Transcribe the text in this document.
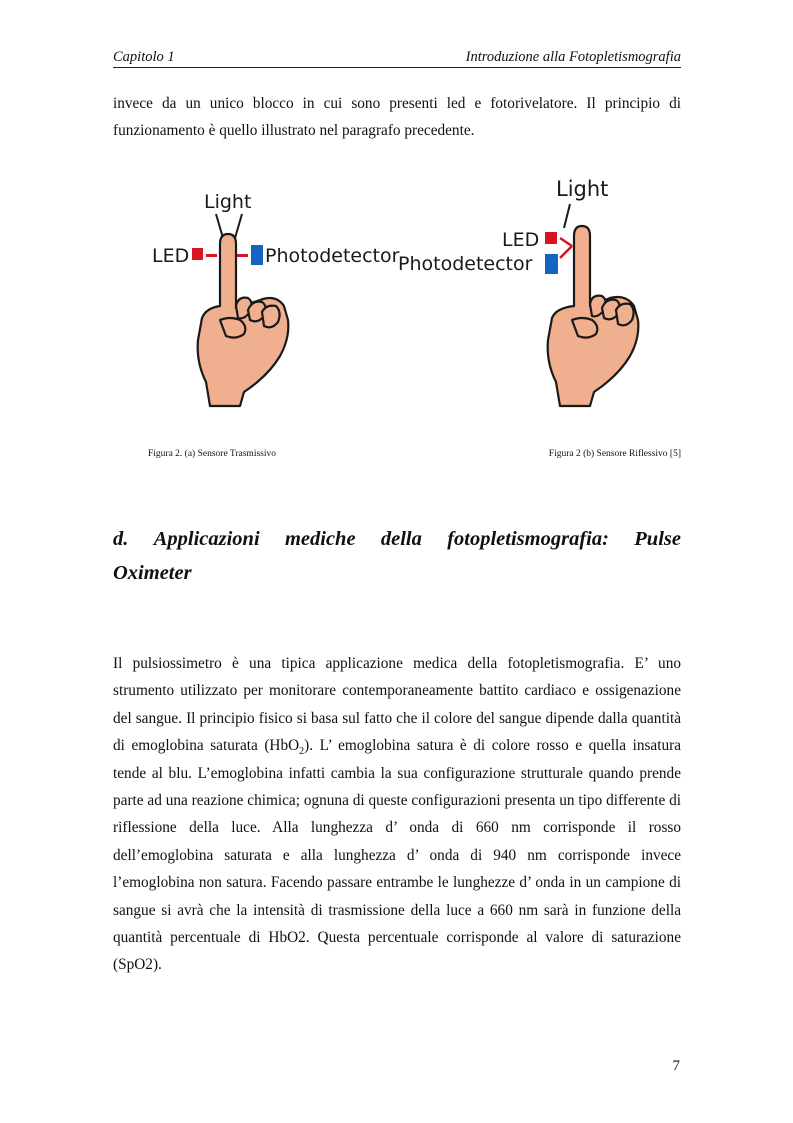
Capitolo 1	Introduzione alla Fotopletismografia

invece da un unico blocco in cui sono presenti led e fotorivelatore. Il principio di funzionamento è quello illustrato nel paragrafo precedente.

Light
LED	Photodetector
Light
LED
Photodetector
Figura 2. (a) Sensore Trasmissivo	Figura 2 (b) Sensore Riflessivo [5]
d. Applicazioni mediche della fotopletismografia: Pulse
Oximeter

Il pulsiossimetro è una tipica applicazione medica della fotopletismografia. E’ uno strumento utilizzato per monitorare contemporaneamente battito cardiaco e ossigenazione del sangue. Il principio fisico si basa sul fatto che il colore del sangue dipende dalla quantità di emoglobina saturata (HbO$_2$). L’ emoglobina satura è di colore rosso e quella insatura tende al blu. L’emoglobina infatti cambia la sua configurazione strutturale quando prende parte ad una reazione chimica; ognuna di queste configurazioni presenta un tipo differente di riflessione della luce. Alla lunghezza d’ onda di 660 nm corrisponde il rosso dell’emoglobina saturata e alla lunghezza d’ onda di 940 nm corrisponde invece l’emoglobina non satura. Facendo passare entrambe le lunghezze d’ onda in un campione di sangue si avrà che la intensità di trasmissione della luce a 660 nm sarà in funzione della quantità percentuale di HbO2. Questa percentuale corrisponde al valore di saturazione (SpO2).

7
